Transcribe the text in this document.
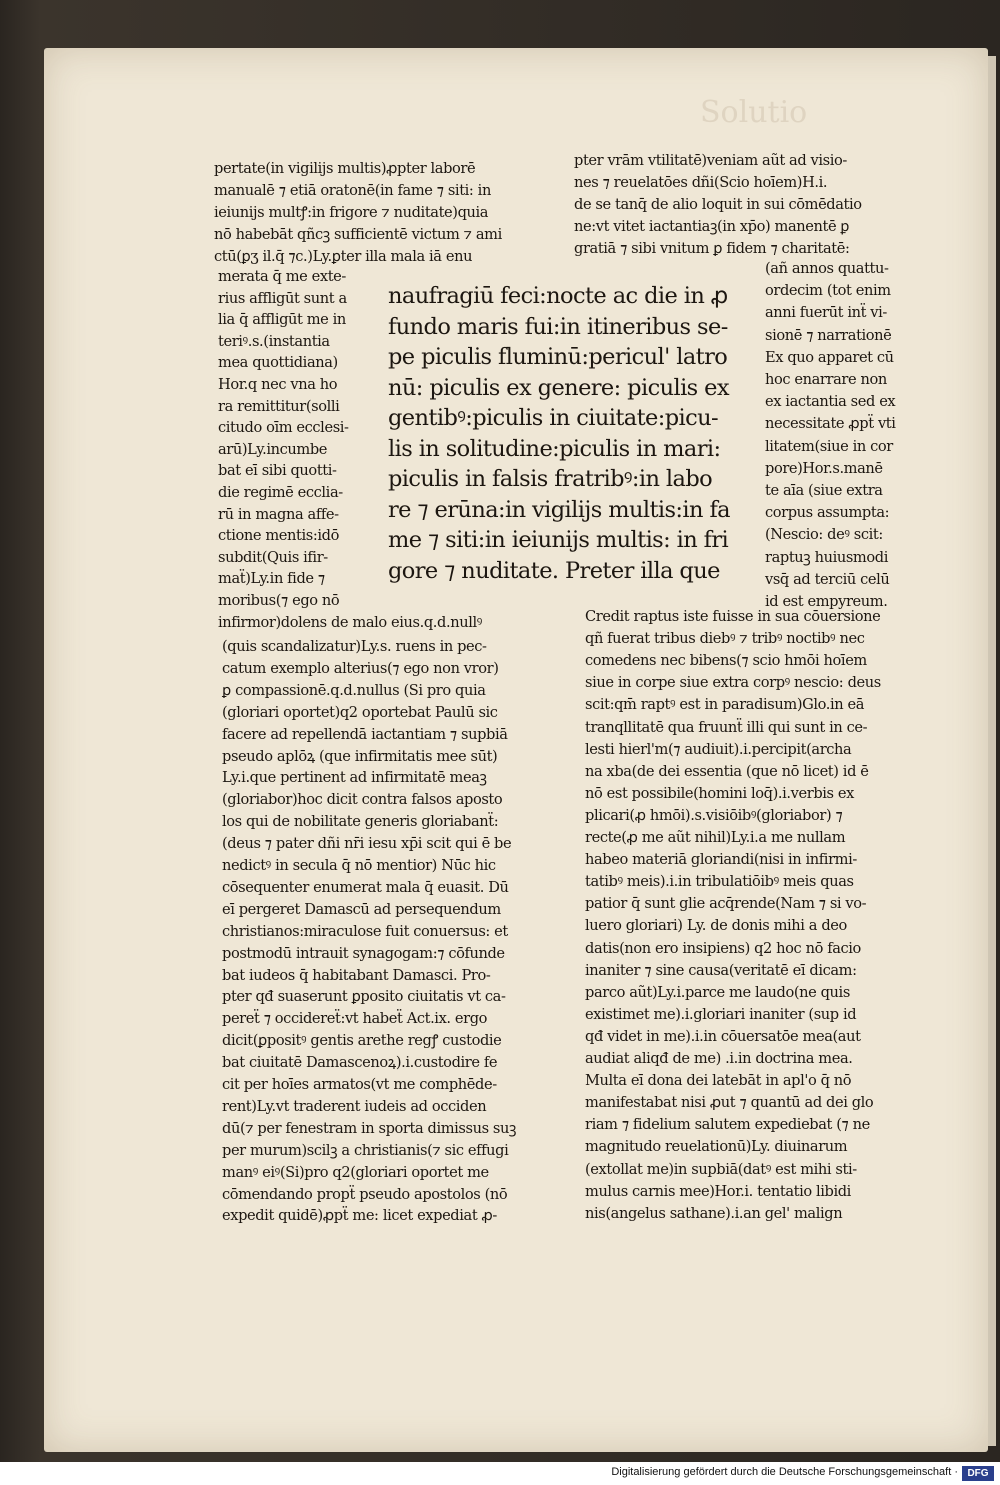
Solutio
pertate(in vigilijs multis)ꝓpter laborē
manualē ⁊ etiā oratonē(in fame ⁊ siti: in
ieiunijs multꝭ:in frigore ⁊ nuditate)quia
nō habebāt qñcꝫ sufficientē victum ⁊ ami
ctū(ꝑʒ il.q̄ ⁊c.)Ly.ꝑter illa mala iā enu
pter vrām vtilitatē)veniam aũt ad visio-
nes ⁊ reuelatōes dñi(Scio hoīem)H.i.
de se tanq̄ de alio loquit in sui cōmēdatio
ne:vt vitet iactantiaꝫ(in xp̄o) manentē ꝑ
gratiā ⁊ sibi vnitum ꝑ fidem ⁊ charitatē:
merata q̄ me exte-
rius affligūt sunt a
lia q̄ affligūt me in
teriꝰ.s.(instantia
mea quottidiana)
Hor.q nec vna ho
ra remittitur(solli
citudo oīm ecclesi-
arū)Ly.incumbe
bat eī sibi quotti-
die regimē ecclia-
rū in magna affe-
ctione mentis:idō
subdit(Quis ifir-
maẗ)Ly.in fide ⁊
moribus(⁊ ego nō
infirmor)dolens de malo eius.q.d.nullꝰ
naufragiū feci:nocte ac die in ꝓ
fundo maris fui:in itineribus se-
pe piculis fluminū:pericul' latro
nū: piculis ex genere: piculis ex
gentibꝰ:piculis in ciuitate:picu-
lis in solitudine:piculis in mari:
piculis in falsis fratribꝰ:in labo
re ⁊ erūna:in vigilijs multis:in fa
me ⁊ siti:in ieiunijs multis: in fri
gore ⁊ nuditate. Preter illa que
(añ annos quattu-
ordecim (tot enim
anni fuerūt inẗ vi-
sionē ⁊ narrationē
Ex quo apparet cū
hoc enarrare non
ex iactantia sed ex
necessitate ꝓpẗ vti
litatem(siue in cor
pore)Hor.s.manē
te aīa (siue extra
corpus assumpta:
(Nescio: deꝰ scit:
raptuꝫ huiusmodi
vsq̄ ad terciū celū
id est empyreum.
(quis scandalizatur)Ly.s. ruens in pec-
catum exemplo alterius(⁊ ego non vror)
ꝑ compassionē.q.d.nullus (Si pro quia
(gloriari oportet)q2 oportebat Paulū sic
facere ad repellendā iactantiam ⁊ supbiā
pseudo aplōꝝ (que infirmitatis mee sūt)
Ly.i.que pertinent ad infirmitatē meaꝫ
(gloriabor)hoc dicit contra falsos aposto
los qui de nobilitate generis gloriabanẗ:
(deus ⁊ pater dñi nr̄i iesu xp̄i scit qui ē be
nedictꝰ in secula q̄ nō mentior) Nūc hic
cōsequenter enumerat mala q̄ euasit. Dū
eī pergeret Damascū ad persequendum
christianos:miraculose fuit conuersus: et
postmodū intrauit synagogam:⁊ cōfunde
bat iudeos q̄ habitabant Damasci. Pro-
pter qđ suaserunt ꝑposito ciuitatis vt ca-
pereẗ ⁊ occidereẗ:vt habeẗ Act.ix. ergo
dicit(ꝑpositꝰ gentis arethe regꝭ custodie
bat ciuitatē Damascenoꝝ).i.custodire fe
cit per hoīes armatos(vt me comphēde-
rent)Ly.vt traderent iudeis ad occiden
dū(⁊ per fenestram in sporta dimissus suꝫ
per murum)scilꝫ a christianis(⁊ sic effugi
manꝰ eiꝰ(Si)pro q2(gloriari oportet me
cōmendando propẗ pseudo apostolos (nō
expedit quidē)ꝓpẗ me: licet expediat ꝓ-
Credit raptus iste fuisse in sua cōuersione
qñ fuerat tribus diebꝰ ⁊ tribꝰ noctibꝰ nec
comedens nec bibens(⁊ scio hmōi hoīem
siue in corpe siue extra corpꝰ nescio: deus
scit:qm̄ raptꝰ est in paradisum)Glo.in eā
tranqllitatē qua fruunẗ illi qui sunt in ce-
lesti hierl'm(⁊ audiuit).i.percipit(archa
na xba(de dei essentia (que nō licet) id ē
nō est possibile(homini loq̄).i.verbis ex
plicari(ꝓ hmōi).s.visiōibꝰ(gloriabor) ⁊
recte(ꝓ me aũt nihil)Ly.i.a me nullam
habeo materiā gloriandi(nisi in infirmi-
tatibꝰ meis).i.in tribulatiōibꝰ meis quas
patior q̄ sunt glie acq̄rende(Nam ⁊ si vo-
luero gloriari) Ly. de donis mihi a deo
datis(non ero insipiens) q2 hoc nō facio
inaniter ⁊ sine causa(veritatē eī dicam:
parco aũt)Ly.i.parce me laudo(ne quis
existimet me).i.gloriari inaniter (sup id
qđ videt in me).i.in cōuersatōe mea(aut
audiat aliqđ de me) .i.in doctrina mea.
Multa eī dona dei latebāt in apl'o q̄ nō
manifestabat nisi ꝓut ⁊ quantū ad dei glo
riam ⁊ fidelium salutem expediebat (⁊ ne
magnitudo reuelationū)Ly. diuinarum
(extollat me)in supbiā(datꝰ est mihi sti-
mulus carnis mee)Hor.i. tentatio libidi
nis(angelus sathane).i.an gel' malign
Digitalisierung gefördert durch die Deutsche Forschungsgemeinschaft · DFG
